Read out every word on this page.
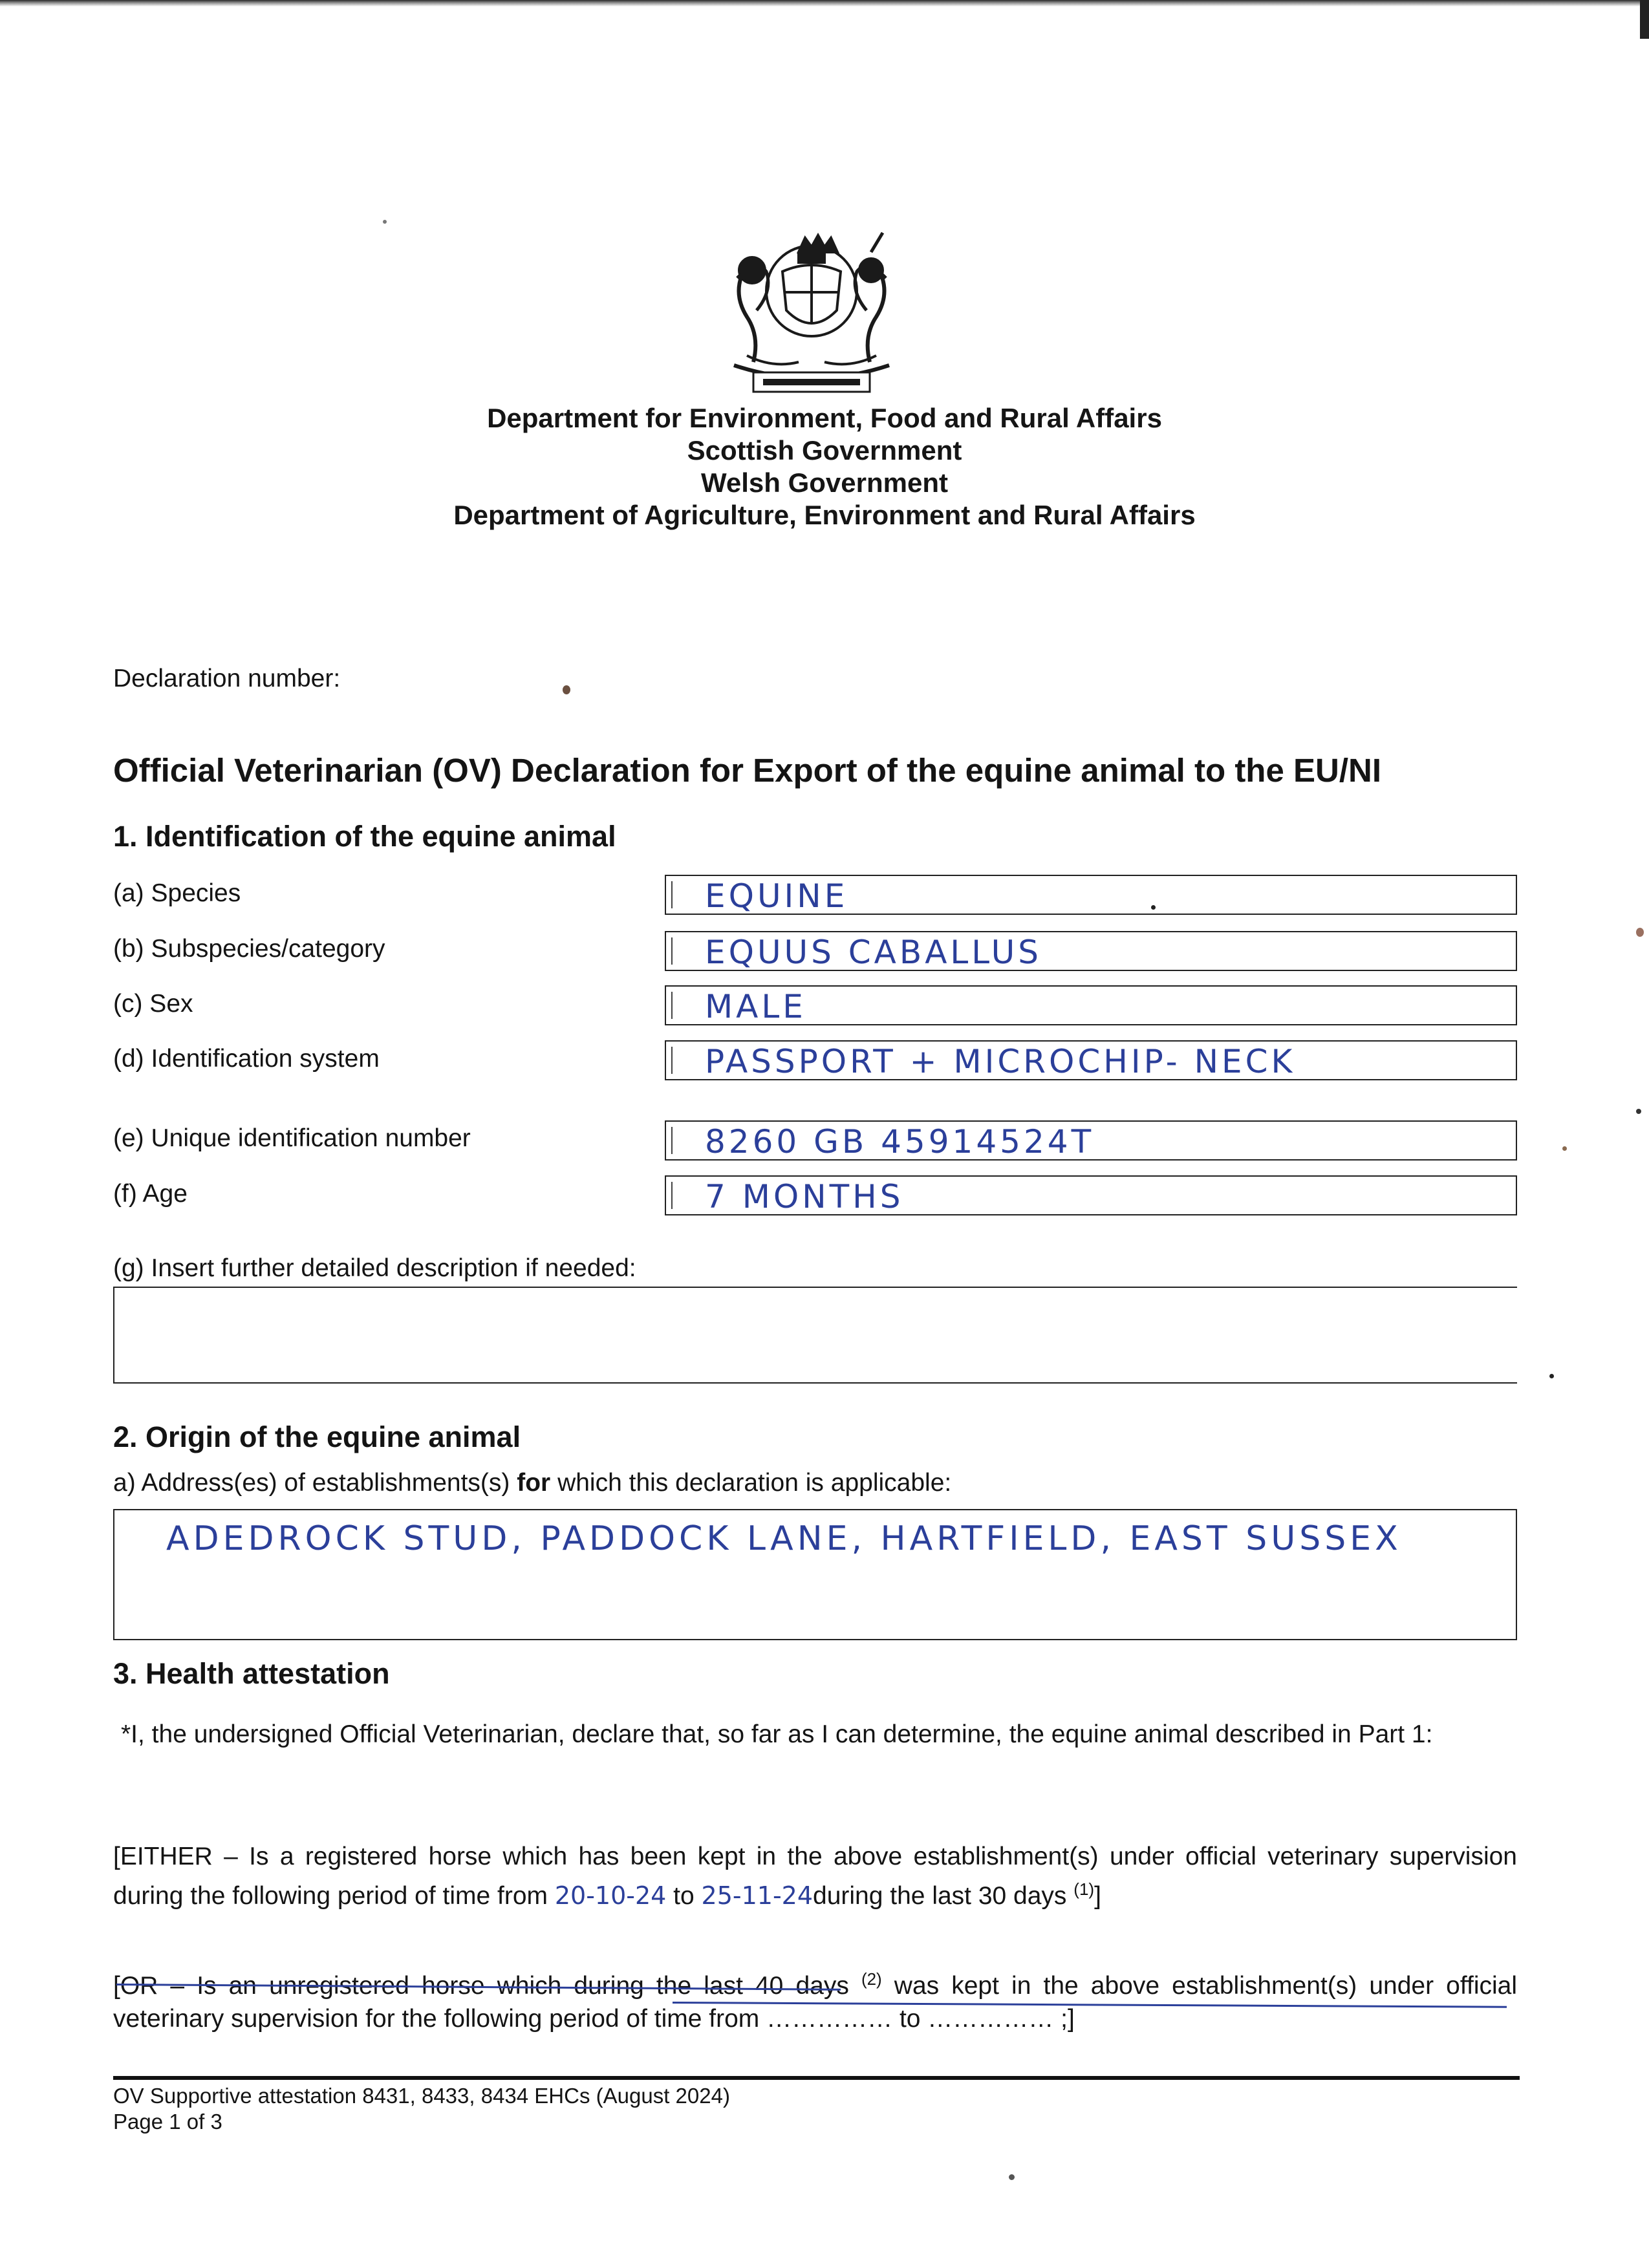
Department for Environment, Food and Rural Affairs
Scottish Government
Welsh Government
Department of Agriculture, Environment and Rural Affairs
Declaration number:
Official Veterinarian (OV) Declaration for Export of the equine animal to the EU/NI
1. Identification of the equine animal
(a) Species	EQUINE
(b) Subspecies/category	EQUUS CABALLUS
(c) Sex	MALE
(d) Identification system	PASSPORT + MICROCHIP- NECK
(e) Unique identification number	8260 GB 45914524T
(f) Age	7 MONTHS
(g) Insert further detailed description if needed:
2. Origin of the equine animal
a) Address(es) of establishments(s) for which this declaration is applicable:
ADEDROCK STUD, PADDOCK LANE, HARTFIELD, EAST SUSSEX
3. Health attestation
*I, the undersigned Official Veterinarian, declare that, so far as I can determine, the equine animal described in Part 1:
[EITHER – Is a registered horse which has been kept in the above establishment(s) under official veterinary supervision during the following period of time from 20-10-24 to 25-11-24during the last 30 days $^{(1)}$]
[OR – Is an unregistered horse which during the last 40 days $^{(2)}$ was kept in the above establishment(s) under official veterinary supervision for the following period of time from …………… to …………… ;]
OV Supportive attestation 8431, 8433, 8434 EHCs (August 2024)
Page 1 of 3
